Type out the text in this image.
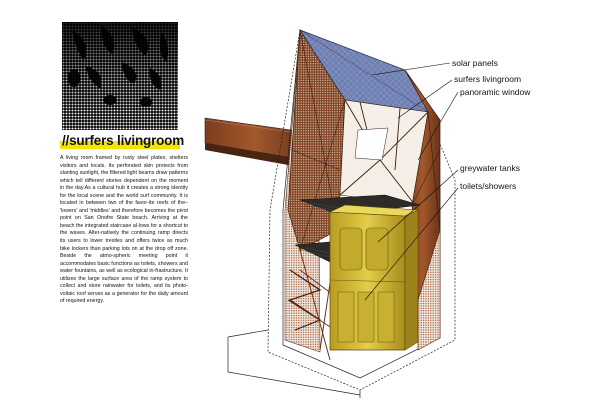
//surfers livingroom

A living room framed by rusty steel plates, shelters visitors and locals. Its perforated skin protects from slanting sunlight, the filtered light beams draw patterns which tell different stories dependent on the moment in the day.As a cultural hub it creates a strong identity for the local scene and the world surf community. It is located in between two of the favor-ite reefs of the– 'lowers' and 'middles' and therefore becomes the pivot point on San Onofre State beach. Arriving at the beach the integrated staircase al-lows for a shortcut to the waves. Alter-natively the continuing ramp directs its users to lower trestles and offers twice as much bike lockers than parking lots on at the drop off zone. Beside the atmo-spheric meeting point it accommodates basic functions as toilets, showers and water fountains, as well as ecological in-frastructure. It utilizes the large surface area of the ramp system to collect and store rainwater for toilets, and its photo-voltaic roof serves as a generator for the daily amount of required energy.

solar panels
surfers livingroom
panoramic window
greywater tanks
toilets/showers
